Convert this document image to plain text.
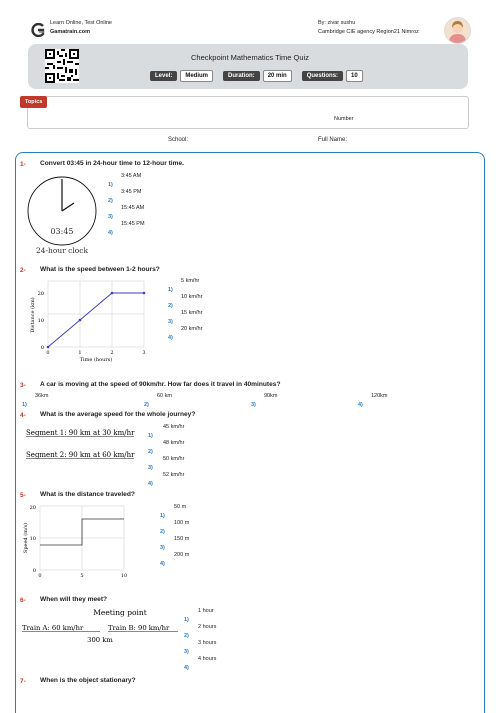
Learn Online, Test Online
Gamatrain.com
By: zivar sushu
Cambridge CIE agency Region21 Nimroz
Checkpoint Mathematics Time Quiz
Level:	Medium	Duration:	20 min	Questions:	10
Topics
Number
School:	Full Name:
1- Convert 03:45 in 24-hour time to 12-hour time.
03:45
24-hour clock
1)
3:45 AM
2)
3:45 PM
3)
15:45 AM
4)
15:45 PM
2- What is the speed between 1-2 hours?
0
10
20
0	1	2	3
Time (hours)
Distance (km)
1)
5 km/hr
2)
10 km/hr
3)
15 km/hr
4)
20 km/hr
3- A car is moving at the speed of 90km/hr. How far does it travel in 40minutes?
1)
36km
2)
60 km
3)
90km
4)
120km
4- What is the average speed for the whole journey?
Segment 1: 90 km at 30 km/hr
Segment 2: 90 km at 60 km/hr
1)
45 km/hr
2)
48 km/hr
3)
50 km/hr
4)
52 km/hr
5- What is the distance traveled?
0
10
20
0	5	10
Speed (m/s)
1)
50 m
2)
100 m
3)
150 m
4)
200 m
6- When will they meet?
Meeting point
Train A: 60 km/hr	Train B: 90 km/hr
300 km
1)
1 hour
2)
2 hours
3)
3 hours
4)
4 hours
7- When is the object stationary?
